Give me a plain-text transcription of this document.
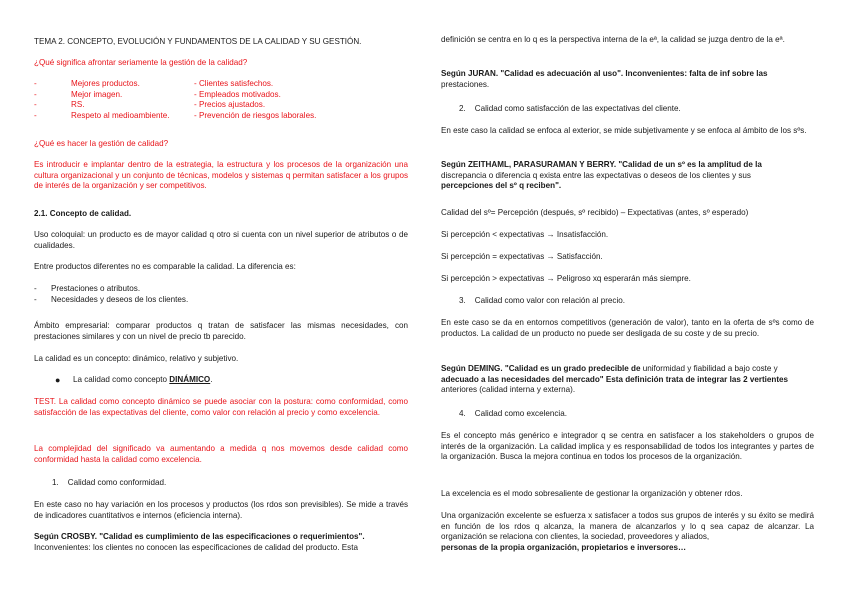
TEMA 2. CONCEPTO, EVOLUCIÓN Y FUNDAMENTOS DE LA CALIDAD Y SU GESTIÓN.
¿Qué significa afrontar seriamente la gestión de la calidad?
-	Mejores productos.	- Clientes satisfechos.
-	Mejor imagen.	- Empleados motivados.
-	RS.	- Precios ajustados.
-	Respeto al medioambiente.	- Prevención de riesgos laborales.
¿Qué es hacer la gestión de calidad?
Es introducir e implantar dentro de la estrategia, la estructura y los procesos de la organización una cultura organizacional y un conjunto de técnicas, modelos y sistemas q permitan satisfacer a los grupos de interés de la organización y ser competitivos.
2.1. Concepto de calidad.
Uso coloquial: un producto es de mayor calidad q otro si cuenta con un nivel superior de atributos o de cualidades.
Entre productos diferentes no es comparable la calidad. La diferencia es:
-	Prestaciones o atributos.
-	Necesidades y deseos de los clientes.
Ámbito empresarial: comparar productos q tratan de satisfacer las mismas necesidades, con prestaciones similares y con un nivel de precio tb parecido.
La calidad es un concepto: dinámico, relativo y subjetivo.
●	La calidad como concepto DINÁMICO.
TEST. La calidad como concepto dinámico se puede asociar con la postura: como conformidad, como satisfacción de las expectativas del cliente, como valor con relación al precio y como excelencia.
La complejidad del significado va aumentando a medida q nos movemos desde calidad como conformidad hasta la calidad como excelencia.
1.    Calidad como conformidad.
En este caso no hay variación en los procesos y productos (los rdos son previsibles). Se mide a través de indicadores cuantitativos e internos (eficiencia interna).
Según CROSBY. "Calidad es cumplimiento de las especificaciones o requerimientos".
Inconvenientes: los clientes no conocen las especificaciones de calidad del producto. Esta
definición se centra en lo q es la perspectiva interna de la eª, la calidad se juzga dentro de la eª.
Según JURAN. "Calidad es adecuación al uso". Inconvenientes: falta de inf sobre las
prestaciones.
2.    Calidad como satisfacción de las expectativas del cliente.
En este caso la calidad se enfoca al exterior, se mide subjetivamente y se enfoca al ámbito de los sºs.
Según ZEITHAML, PARASURAMAN Y BERRY. "Calidad de un sº es la amplitud de la
discrepancia o diferencia q exista entre las expectativas o deseos de los clientes y sus
percepciones del sº q reciben".
Calidad del sº= Percepción (después, sº recibido) – Expectativas (antes, sº esperado)
Si percepción < expectativas → Insatisfacción.
Si percepción = expectativas → Satisfacción.
Si percepción > expectativas → Peligroso xq esperarán más siempre.
3.    Calidad como valor con relación al precio.
En este caso se da en entornos competitivos (generación de valor), tanto en la oferta de sºs como de productos. La calidad de un producto no puede ser desligada de su coste y de su precio.
Según DEMING. "Calidad es un grado predecible de uniformidad y fiabilidad a bajo coste y
adecuado a las necesidades del mercado" Esta definición trata de integrar las 2 vertientes
anteriores (calidad interna y externa).
4.    Calidad como excelencia.
Es el concepto más genérico e integrador q se centra en satisfacer a los stakeholders o grupos de interés de la organización. La calidad implica y es responsabilidad de todos los integrantes y partes de la organización. Busca la mejora continua en todos los procesos de la organización.
La excelencia es el modo sobresaliente de gestionar la organización y obtener rdos.
Una organización excelente se esfuerza x satisfacer a todos sus grupos de interés y su éxito se medirá en función de los rdos q alcanza, la manera de alcanzarlos y lo q sea capaz de alcanzar. La organización se relaciona con clientes, la sociedad, proveedores y aliados,
personas de la propia organización, propietarios e inversores…
